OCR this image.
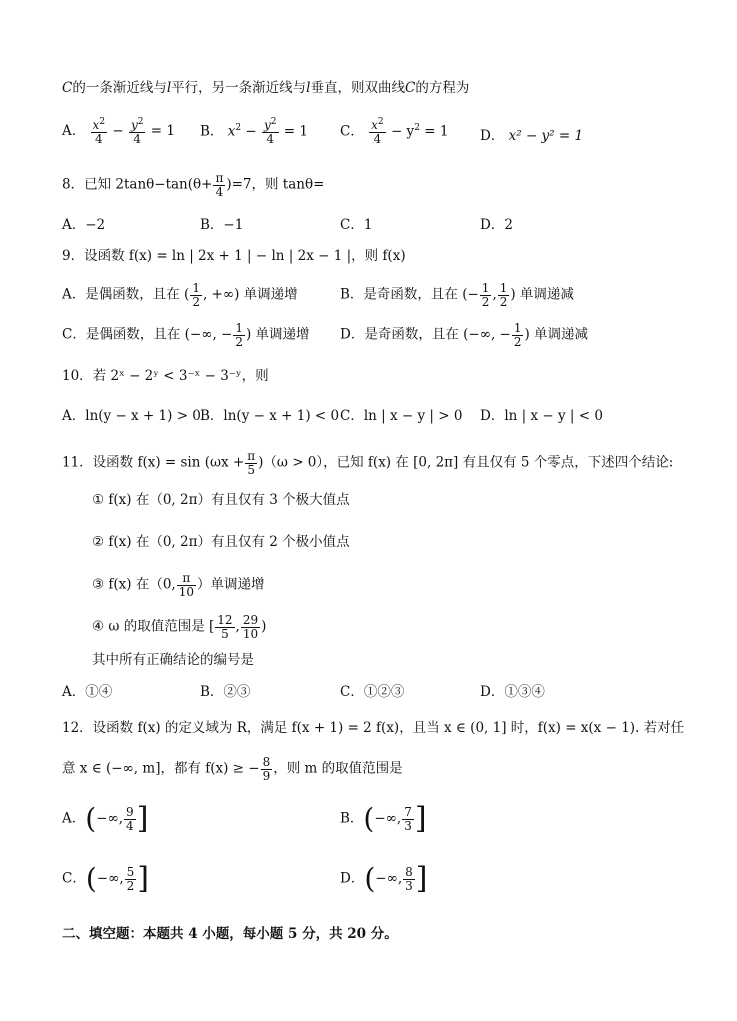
C的一条渐近线与l平行，另一条渐近线与l垂直，则双曲线C的方程为
A． $\frac{x^2}{4} - \frac{y^2}{4} = 1$ B． $x^2 - \frac{y^2}{4} = 1$ C． $\frac{x^2}{4} - y^2 = 1$ D． x² − y² = 1
8．已知 $2\tan\theta-\tan(\theta+ \frac{\pi}{4} )=7$，则 tanθ=
A．−2	B．−1	C．1	D．2
9．设函数 f(x) = ln | 2x + 1 | − ln | 2x − 1 |，则 f(x)
A．是偶函数，且在 ( $\frac{1}{2}$ , +∞) 单调递增	B．是奇函数，且在 (− $\frac{1}{2}$ , $\frac{1}{2}$ ) 单调递减
C．是偶函数，且在 (−∞, − $\frac{1}{2}$ ) 单调递增 D．是奇函数，且在 (−∞, − $\frac{1}{2}$ ) 单调递减
10．若 2ˣ − 2ʸ < 3⁻ˣ − 3⁻ʸ，则
A．ln(y − x + 1) > 0 B．ln(y − x + 1) < 0 C．ln | x − y | > 0 D．ln | x − y | < 0
11．设函数 $f(x) = \sin (\omega x + \frac{\pi}{5} )(\omega > 0)$，已知 f(x) 在 [0, 2π] 有且仅有 5 个零点，下述四个结论:
① f(x) 在（0, 2π）有且仅有 3 个极大值点
② f(x) 在（0, 2π）有且仅有 2 个极小值点
③ f(x) 在（0, $\frac{\pi}{10}$ ）单调递增
④ ω 的取值范围是 [ $\frac{12}{5}$ , $\frac{29}{10}$ )
其中所有正确结论的编号是
A．①④	B．②③	C．①②③	D．①③④
12．设函数 f(x) 的定义域为 R，满足 f(x + 1) = 2 f(x)，且当 x ∈ (0, 1] 时，f(x) = x(x − 1). 若对任
意 x ∈ (−∞, m]，都有 f(x) ≥ − $\frac{8}{9}$ ，则 m 的取值范围是
A．(−∞, $\frac{9}{4}$ ]	B．(−∞, $\frac{7}{3}$ ]
C．(−∞, $\frac{5}{2}$ ]	D．(−∞, $\frac{8}{3}$ ]
二、填空题：本题共 4 小题，每小题 5 分，共 20 分。
